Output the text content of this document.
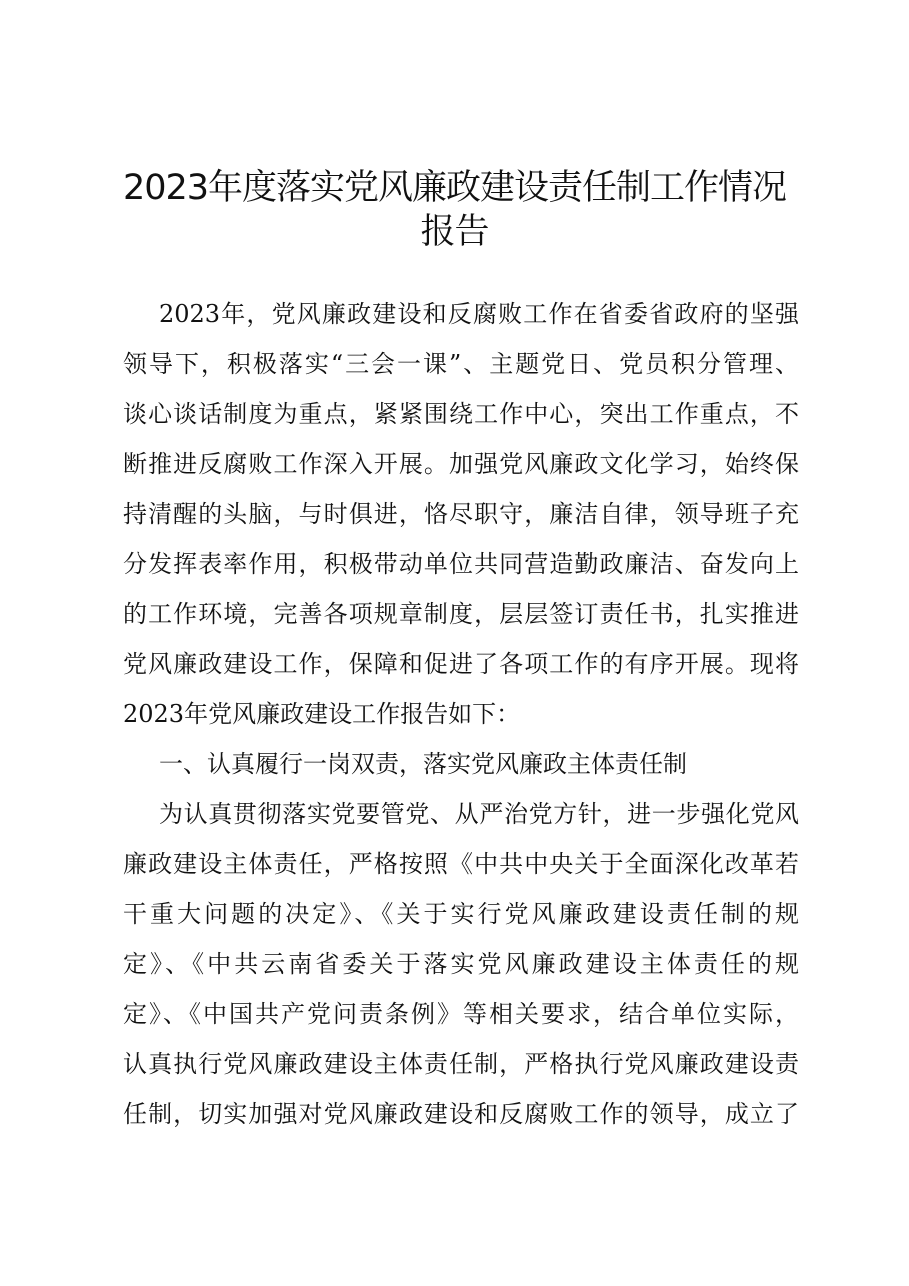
2023年度落实党风廉政建设责任制工作情况
报告
2023年，党风廉政建设和反腐败工作在省委省政府的坚强
领导下，积极落实“三会一课”、主题党日、党员积分管理、
谈心谈话制度为重点，紧紧围绕工作中心，突出工作重点，不
断推进反腐败工作深入开展。加强党风廉政文化学习，始终保
持清醒的头脑，与时俱进，恪尽职守，廉洁自律，领导班子充
分发挥表率作用，积极带动单位共同营造勤政廉洁、奋发向上
的工作环境，完善各项规章制度，层层签订责任书，扎实推进
党风廉政建设工作，保障和促进了各项工作的有序开展。现将
2023年党风廉政建设工作报告如下：
一、认真履行一岗双责，落实党风廉政主体责任制
为认真贯彻落实党要管党、从严治党方针，进一步强化党风
廉政建设主体责任，严格按照《中共中央关于全面深化改革若
干重大问题的决定》、《关于实行党风廉政建设责任制的规
定》、《中共云南省委关于落实党风廉政建设主体责任的规
定》、《中国共产党问责条例》等相关要求，结合单位实际，
认真执行党风廉政建设主体责任制，严格执行党风廉政建设责
任制，切实加强对党风廉政建设和反腐败工作的领导，成立了
